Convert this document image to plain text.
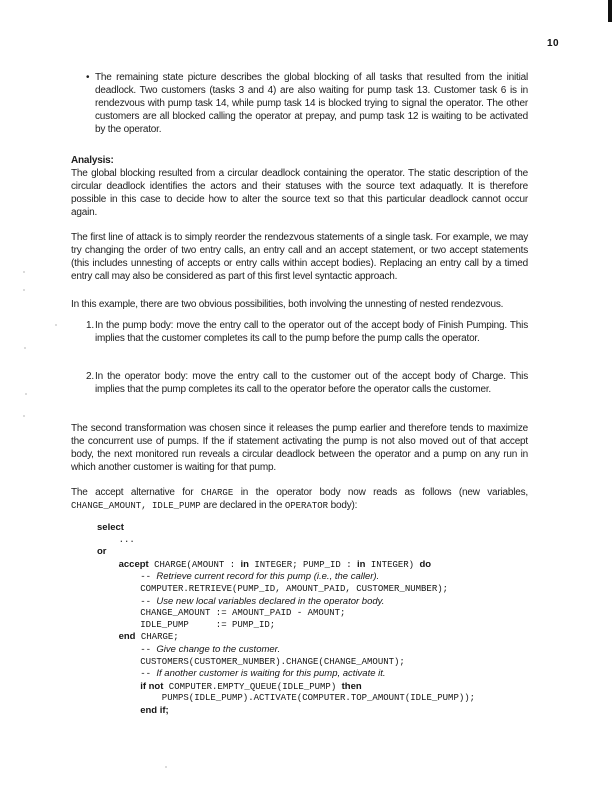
10
• The remaining state picture describes the global blocking of all tasks that resulted from the initial deadlock. Two customers (tasks 3 and 4) are also waiting for pump task 13. Customer task 6 is in rendezvous with pump task 14, while pump task 14 is blocked trying to signal the operator. The other customers are all blocked calling the operator at prepay, and pump task 12 is waiting to be activated by the operator.
Analysis:
The global blocking resulted from a circular deadlock containing the operator. The static description of the circular deadlock identifies the actors and their statuses with the source text adaquatly. It is therefore possible in this case to decide how to alter the source text so that this particular deadlock cannot occur again.
The first line of attack is to simply reorder the rendezvous statements of a single task. For example, we may try changing the order of two entry calls, an entry call and an accept statement, or two accept statements (this includes unnesting of accepts or entry calls within accept bodies). Replacing an entry call by a timed entry call may also be considered as part of this first level syntactic approach.
In this example, there are two obvious possibilities, both involving the unnesting of nested rendezvous.
1. In the pump body: move the entry call to the operator out of the accept body of Finish Pumping. This implies that the customer completes its call to the pump before the pump calls the operator.
2. In the operator body: move the entry call to the customer out of the accept body of Charge. This implies that the pump completes its call to the operator before the operator calls the customer.
The second transformation was chosen since it releases the pump earlier and therefore tends to maximize the concurrent use of pumps. If the if statement activating the pump is not also moved out of that accept body, the next monitored run reveals a circular deadlock between the operator and a pump on any run in which another customer is waiting for that pump.
The accept alternative for CHARGE in the operator body now reads as follows (new variables, CHANGE_AMOUNT, IDLE_PUMP are declared in the OPERATOR body):
select
...
or
accept CHARGE(AMOUNT : in INTEGER; PUMP_ID : in INTEGER) do
-- Retrieve current record for this pump (i.e., the caller).
COMPUTER.RETRIEVE(PUMP_ID, AMOUNT_PAID, CUSTOMER_NUMBER);
-- Use new local variables declared in the operator body.
CHANGE_AMOUNT := AMOUNT_PAID - AMOUNT;
IDLE_PUMP     := PUMP_ID;
end CHARGE;
-- Give change to the customer.
CUSTOMERS(CUSTOMER_NUMBER).CHANGE(CHANGE_AMOUNT);
-- If another customer is waiting for this pump, activate it.
if not COMPUTER.EMPTY_QUEUE(IDLE_PUMP) then
PUMPS(IDLE_PUMP).ACTIVATE(COMPUTER.TOP_AMOUNT(IDLE_PUMP));
end if;
